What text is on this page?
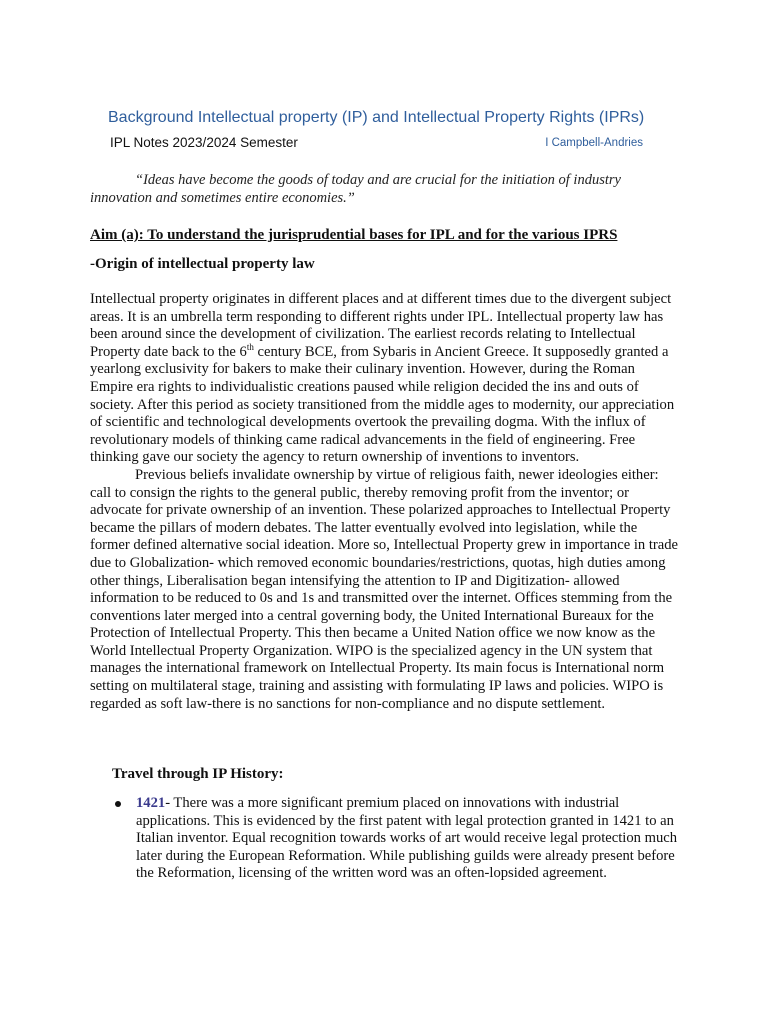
Background Intellectual property (IP) and Intellectual Property Rights (IPRs)
IPL Notes 2023/2024 Semester	I Campbell-Andries
“Ideas have become the goods of today and are crucial for the initiation of industry innovation and sometimes entire economies.”
Aim (a): To understand the jurisprudential bases for IPL and for the various IPRS
-Origin of intellectual property law

Intellectual property originates in different places and at different times due to the divergent subject areas. It is an umbrella term responding to different rights under IPL. Intellectual property law has been around since the development of civilization. The earliest records relating to Intellectual Property date back to the 6th century BCE, from Sybaris in Ancient Greece. It supposedly granted a yearlong exclusivity for bakers to make their culinary invention. However, during the Roman Empire era rights to individualistic creations paused while religion decided the ins and outs of society. After this period as society transitioned from the middle ages to modernity, our appreciation of scientific and technological developments overtook the prevailing dogma. With the influx of revolutionary models of thinking came radical advancements in the field of engineering. Free thinking gave our society the agency to return ownership of inventions to inventors.

Previous beliefs invalidate ownership by virtue of religious faith, newer ideologies either: call to consign the rights to the general public, thereby removing profit from the inventor; or advocate for private ownership of an invention. These polarized approaches to Intellectual Property became the pillars of modern debates. The latter eventually evolved into legislation, while the former defined alternative social ideation. More so, Intellectual Property grew in importance in trade due to Globalization- which removed economic boundaries/restrictions, quotas, high duties among other things, Liberalisation began intensifying the attention to IP and Digitization- allowed information to be reduced to 0s and 1s and transmitted over the internet. Offices stemming from the conventions later merged into a central governing body, the United International Bureaux for the Protection of Intellectual Property. This then became a United Nation office we now know as the World Intellectual Property Organization. WIPO is the specialized agency in the UN system that manages the international framework on Intellectual Property. Its main focus is International norm setting on multilateral stage, training and assisting with formulating IP laws and policies. WIPO is regarded as soft law-there is no sanctions for non-compliance and no dispute settlement.

Travel through IP History:
1421- There was a more significant premium placed on innovations with industrial applications. This is evidenced by the first patent with legal protection granted in 1421 to an Italian inventor. Equal recognition towards works of art would receive legal protection much later during the European Reformation. While publishing guilds were already present before the Reformation, licensing of the written word was an often-lopsided agreement.
